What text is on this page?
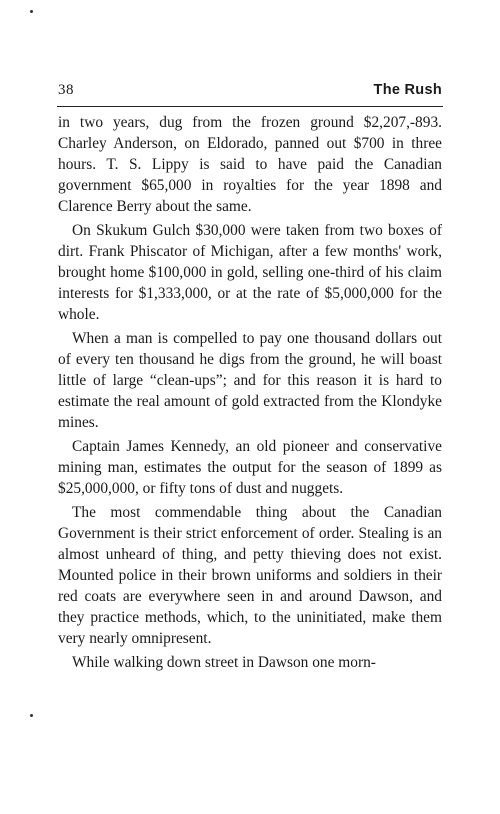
38	The Rush

in two years, dug from the frozen ground $2,207,-893. Charley Anderson, on Eldorado, panned out $700 in three hours. T. S. Lippy is said to have paid the Canadian government $65,000 in royalties for the year 1898 and Clarence Berry about the same.

On Skukum Gulch $30,000 were taken from two boxes of dirt. Frank Phiscator of Michigan, after a few months' work, brought home $100,000 in gold, selling one-third of his claim interests for $1,333,000, or at the rate of $5,000,000 for the whole.

When a man is compelled to pay one thousand dollars out of every ten thousand he digs from the ground, he will boast little of large “clean-ups”; and for this reason it is hard to estimate the real amount of gold extracted from the Klondyke mines.

Captain James Kennedy, an old pioneer and conservative mining man, estimates the output for the season of 1899 as $25,000,000, or fifty tons of dust and nuggets.

The most commendable thing about the Canadian Government is their strict enforcement of order. Stealing is an almost unheard of thing, and petty thieving does not exist. Mounted police in their brown uniforms and soldiers in their red coats are everywhere seen in and around Dawson, and they practice methods, which, to the uninitiated, make them very nearly omnipresent.

While walking down street in Dawson one morn-
